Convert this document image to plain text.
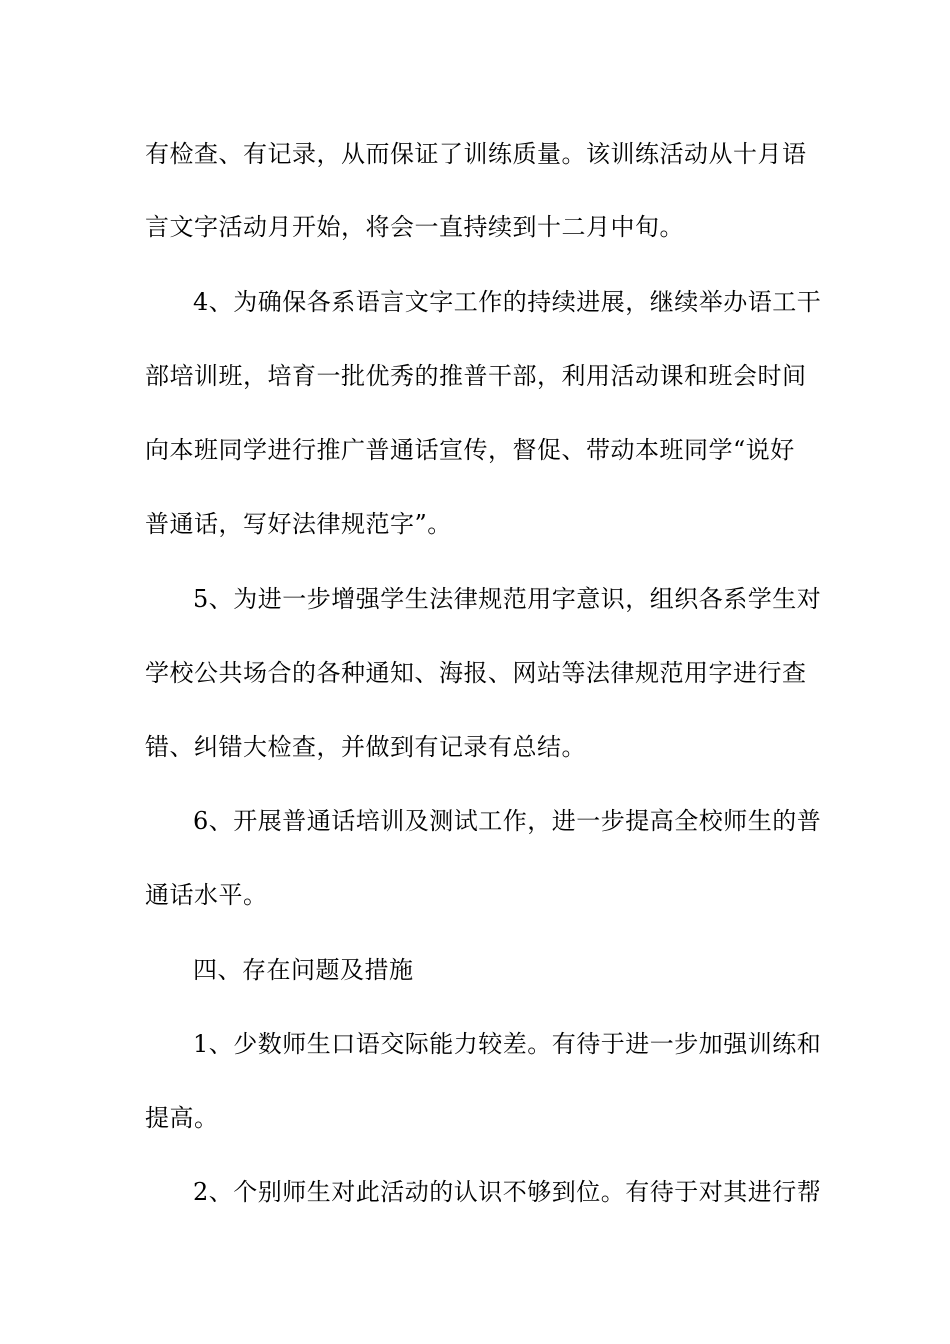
有检查、有记录，从而保证了训练质量。该训练活动从十月语
言文字活动月开始，将会一直持续到十二月中旬。
4、为确保各系语言文字工作的持续进展，继续举办语工干
部培训班，培育一批优秀的推普干部，利用活动课和班会时间
向本班同学进行推广普通话宣传，督促、带动本班同学“说好
普通话，写好法律规范字”。
5、为进一步增强学生法律规范用字意识，组织各系学生对
学校公共场合的各种通知、海报、网站等法律规范用字进行查
错、纠错大检查，并做到有记录有总结。
6、开展普通话培训及测试工作，进一步提高全校师生的普
通话水平。
四、存在问题及措施
1、少数师生口语交际能力较差。有待于进一步加强训练和
提高。
2、个别师生对此活动的认识不够到位。有待于对其进行帮
